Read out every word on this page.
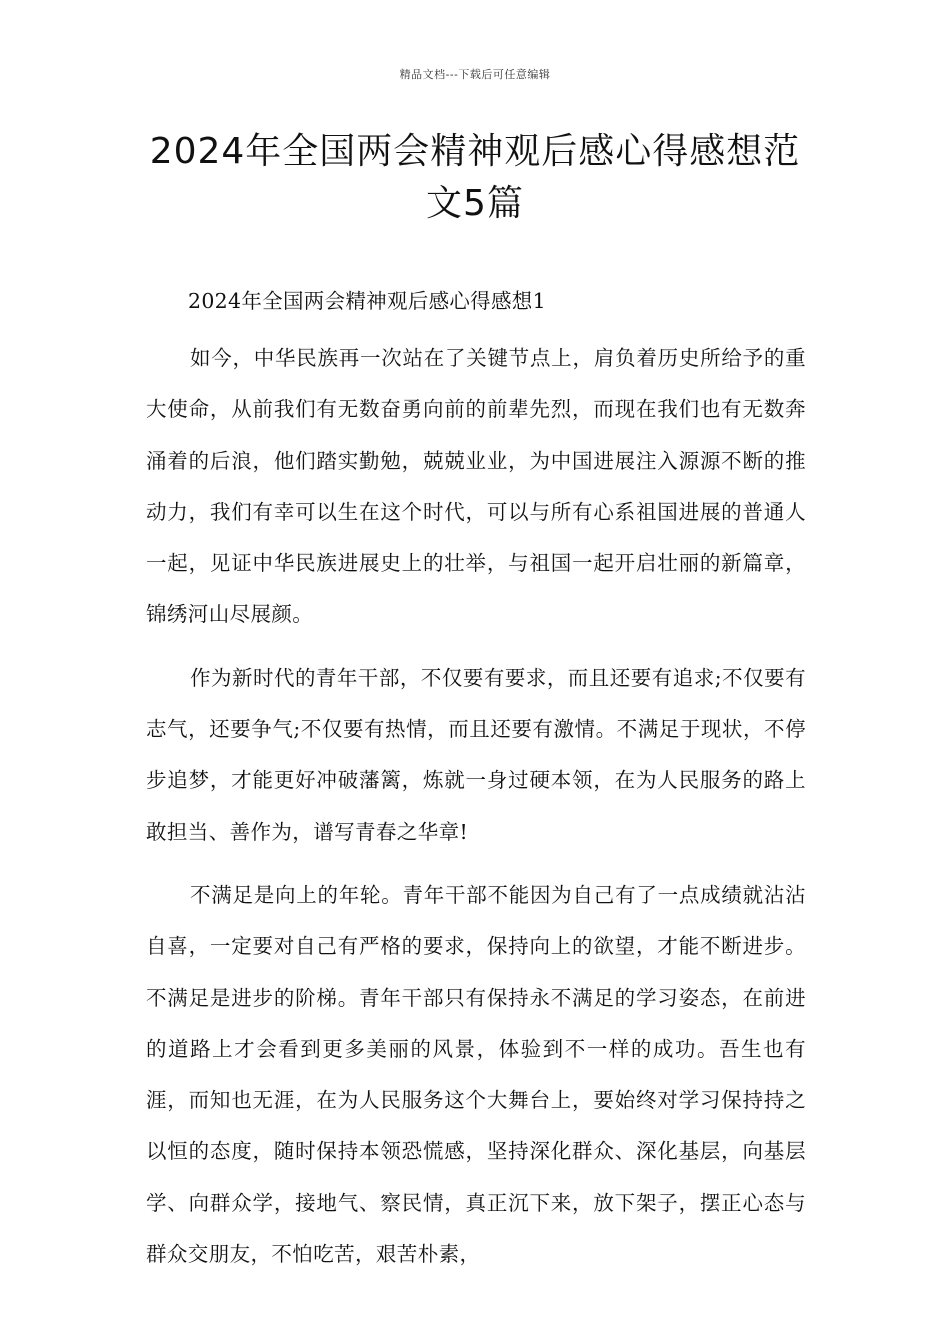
精品文档---下载后可任意编辑
2024年全国两会精神观后感心得感想范文5篇
2024年全国两会精神观后感心得感想1

如今，中华民族再一次站在了关键节点上，肩负着历史所给予的重大使命，从前我们有无数奋勇向前的前辈先烈，而现在我们也有无数奔涌着的后浪，他们踏实勤勉，兢兢业业，为中国进展注入源源不断的推动力，我们有幸可以生在这个时代，可以与所有心系祖国进展的普通人一起，见证中华民族进展史上的壮举，与祖国一起开启壮丽的新篇章，锦绣河山尽展颜。

作为新时代的青年干部，不仅要有要求，而且还要有追求;不仅要有志气，还要争气;不仅要有热情，而且还要有激情。不满足于现状，不停步追梦，才能更好冲破藩篱，炼就一身过硬本领，在为人民服务的路上敢担当、善作为，谱写青春之华章!

不满足是向上的年轮。青年干部不能因为自己有了一点成绩就沾沾自喜，一定要对自己有严格的要求，保持向上的欲望，才能不断进步。不满足是进步的阶梯。青年干部只有保持永不满足的学习姿态，在前进的道路上才会看到更多美丽的风景，体验到不一样的成功。吾生也有涯，而知也无涯，在为人民服务这个大舞台上，要始终对学习保持持之以恒的态度，随时保持本领恐慌感，坚持深化群众、深化基层，向基层学、向群众学，接地气、察民情，真正沉下来，放下架子，摆正心态与群众交朋友，不怕吃苦，艰苦朴素，
